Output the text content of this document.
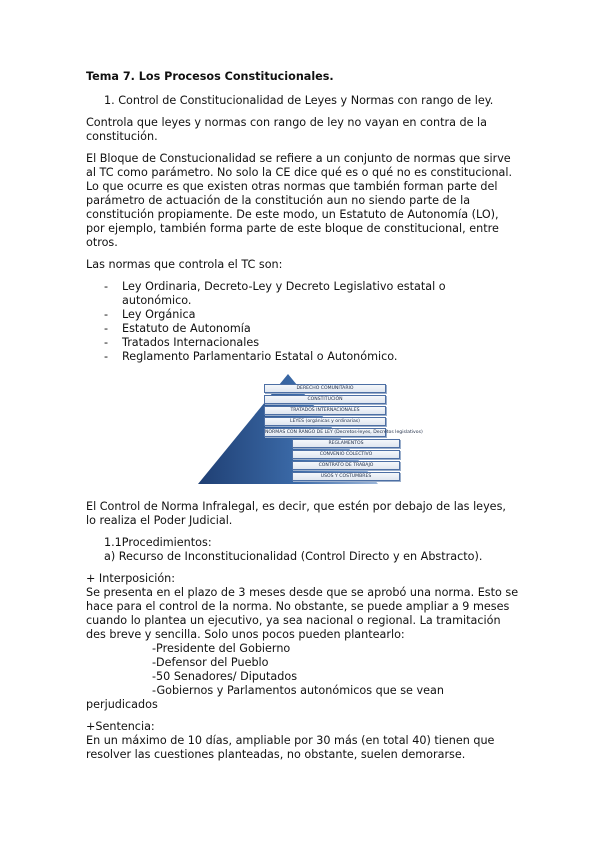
Tema 7. Los Procesos Constitucionales.
1. Control de Constitucionalidad de Leyes y Normas con rango de ley.
Controla que leyes y normas con rango de ley no vayan en contra de la
constitución.
El Bloque de Constucionalidad se refiere a un conjunto de normas que sirve
al TC como parámetro. No solo la CE dice qué es o qué no es constitucional.
Lo que ocurre es que existen otras normas que también forman parte del
parámetro de actuación de la constitución aun no siendo parte de la
constitución propiamente. De este modo, un Estatuto de Autonomía (LO),
por ejemplo, también forma parte de este bloque de constitucional, entre
otros.
Las normas que controla el TC son:
- Ley Ordinaria, Decreto-Ley y Decreto Legislativo estatal o
autonómico.
- Ley Orgánica
- Estatuto de Autonomía
- Tratados Internacionales
- Reglamento Parlamentario Estatal o Autonómico.
DERECHO COMUNITARIO
CONSTITUCIÓN
TRATADOS INTERNACIONALES
LEYES (orgánicas y ordinarias)
NORMAS CON RANGO DE LEY (Decretos-leyes, Decretos legislativos)
REGLAMENTOS
CONVENIO COLECTIVO
CONTRATO DE TRABAJO
USOS Y COSTUMBRES
El Control de Norma Infralegal, es decir, que estén por debajo de las leyes,
lo realiza el Poder Judicial.
1.1Procedimientos:
a) Recurso de Inconstitucionalidad (Control Directo y en Abstracto).
+ Interposición:
Se presenta en el plazo de 3 meses desde que se aprobó una norma. Esto se
hace para el control de la norma. No obstante, se puede ampliar a 9 meses
cuando lo plantea un ejecutivo, ya sea nacional o regional. La tramitación
des breve y sencilla. Solo unos pocos pueden plantearlo:
-Presidente del Gobierno
-Defensor del Pueblo
-50 Senadores/ Diputados
-Gobiernos y Parlamentos autonómicos que se vean
perjudicados
+Sentencia:
En un máximo de 10 días, ampliable por 30 más (en total 40) tienen que
resolver las cuestiones planteadas, no obstante, suelen demorarse.
